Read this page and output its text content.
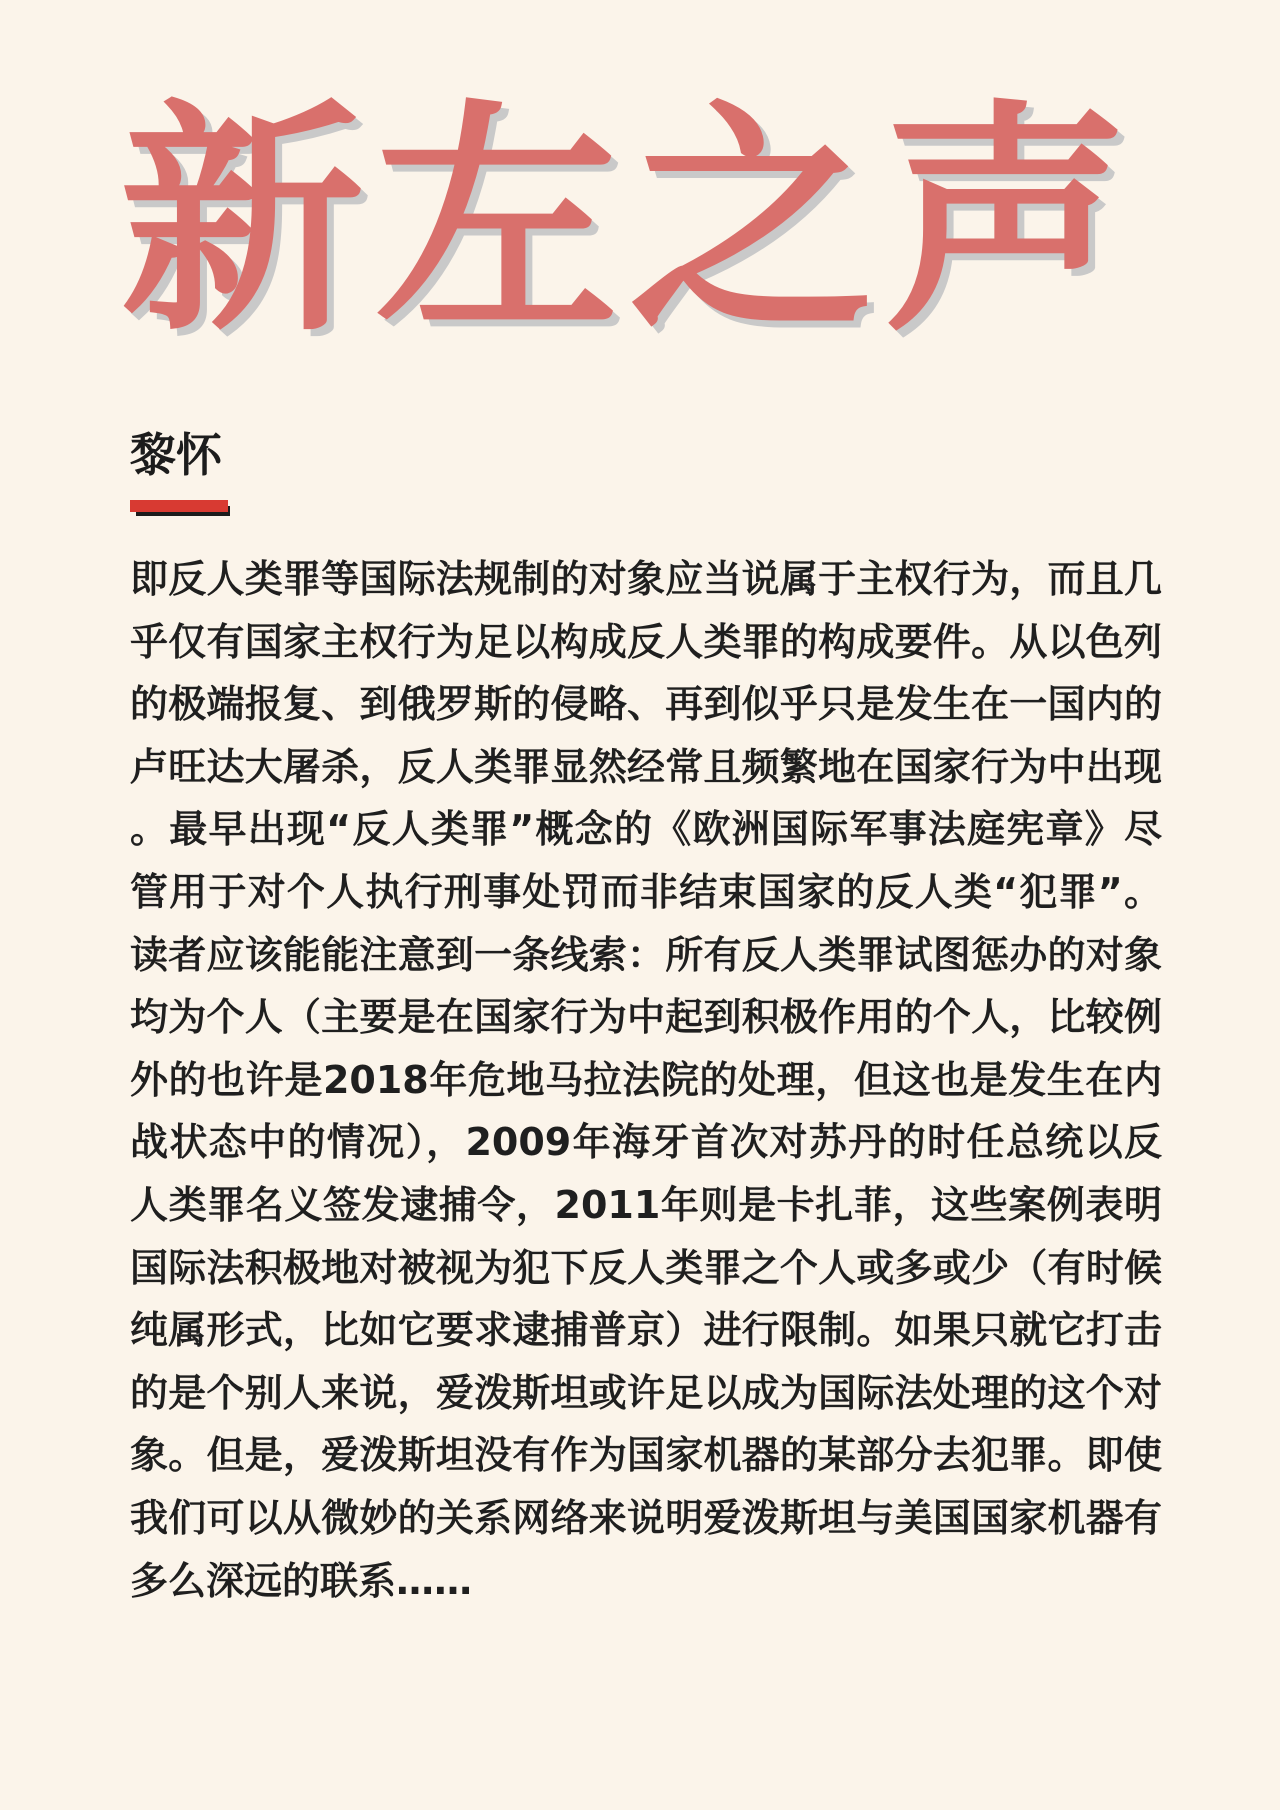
新 左 之 声
黎怀

即反人类罪等国际法规制的对象应当说属于主权行为，而且几乎仅有国家主权行为足以构成反人类罪的构成要件。从以色列的极端报复、到俄罗斯的侵略、再到似乎只是发生在一国内的卢旺达大屠杀，反人类罪显然经常且频繁地在国家行为中出现。最早出现“反人类罪”概念的《欧洲国际军事法庭宪章》尽管用于对个人执行刑事处罚而非结束国家的反人类“犯罪”。读者应该能能注意到一条线索：所有反人类罪试图惩办的对象均为个人（主要是在国家行为中起到积极作用的个人，比较例外的也许是2018年危地马拉法院的处理，但这也是发生在内战状态中的情况），2009年海牙首次对苏丹的时任总统以反人类罪名义签发逮捕令，2011年则是卡扎菲，这些案例表明国际法积极地对被视为犯下反人类罪之个人或多或少（有时候纯属形式，比如它要求逮捕普京）进行限制。如果只就它打击的是个别人来说，爱泼斯坦或许足以成为国际法处理的这个对象。但是，爱泼斯坦没有作为国家机器的某部分去犯罪。即使我们可以从微妙的关系网络来说明爱泼斯坦与美国国家机器有多么深远的联系……
